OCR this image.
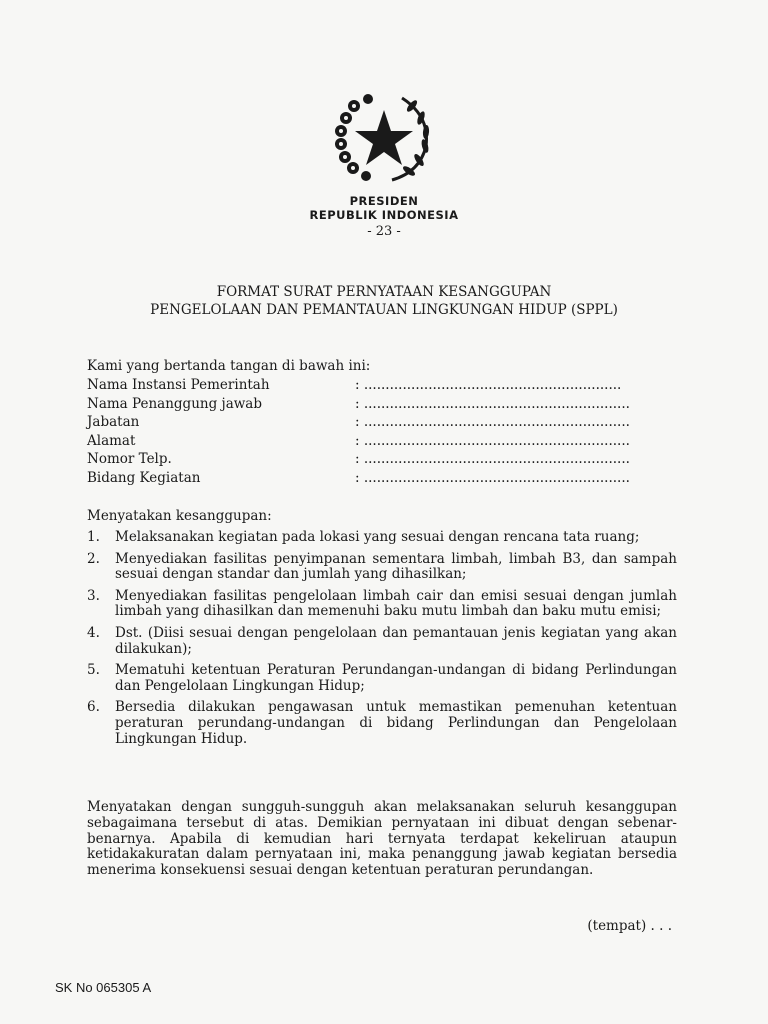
PRESIDEN
REPUBLIK INDONESIA
- 23 -
FORMAT SURAT PERNYATAAN KESANGGUPAN
PENGELOLAAN DAN PEMANTAUAN LINGKUNGAN HIDUP (SPPL)
Kami yang bertanda tangan di bawah ini:
Nama Instansi Pemerintah	: ............................................................
Nama Penanggung jawab	: ..............................................................
Jabatan	: ..............................................................
Alamat	: ..............................................................
Nomor Telp.	: ..............................................................
Bidang Kegiatan	: ..............................................................
Menyatakan kesanggupan:
1.	Melaksanakan kegiatan pada lokasi yang sesuai dengan rencana tata ruang;
2.	Menyediakan fasilitas penyimpanan sementara limbah, limbah B3, dan sampah sesuai dengan standar dan jumlah yang dihasilkan;
3.	Menyediakan fasilitas pengelolaan limbah cair dan emisi sesuai dengan jumlah limbah yang dihasilkan dan memenuhi baku mutu limbah dan baku mutu emisi;
4.	Dst. (Diisi sesuai dengan pengelolaan dan pemantauan jenis kegiatan yang akan dilakukan);
5.	Mematuhi ketentuan Peraturan Perundangan-undangan di bidang Perlindungan dan Pengelolaan Lingkungan Hidup;
6.	Bersedia dilakukan pengawasan untuk memastikan pemenuhan ketentuan peraturan perundang-undangan di bidang Perlindungan dan Pengelolaan Lingkungan Hidup.
Menyatakan dengan sungguh-sungguh akan melaksanakan seluruh kesanggupan sebagaimana tersebut di atas. Demikian pernyataan ini dibuat dengan sebenar-benarnya. Apabila di kemudian hari ternyata terdapat kekeliruan ataupun ketidakakuratan dalam pernyataan ini, maka penanggung jawab kegiatan bersedia menerima konsekuensi sesuai dengan ketentuan peraturan perundangan.
(tempat) . . .
SK No 065305 A
